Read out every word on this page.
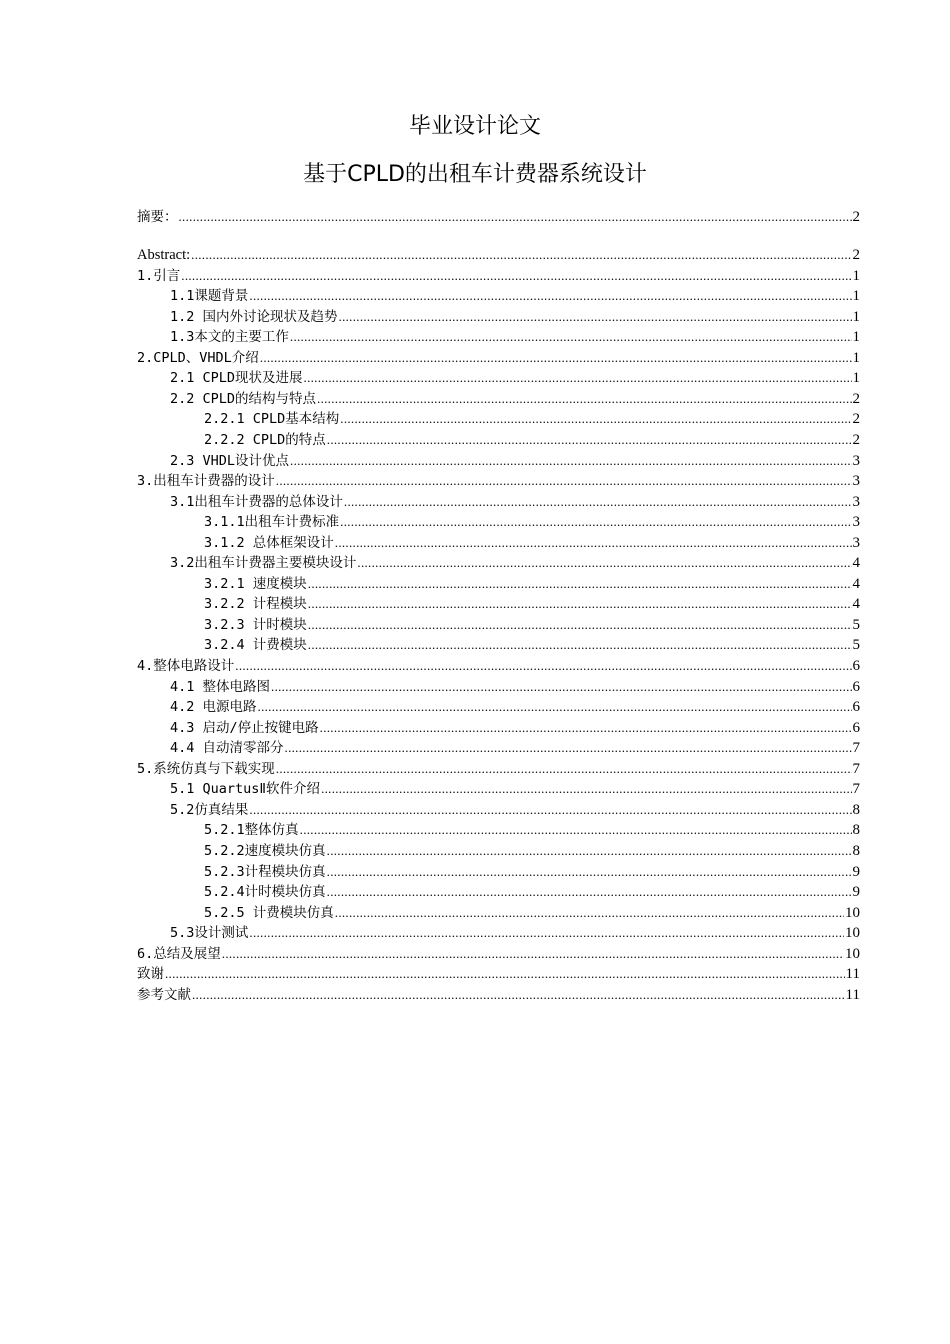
毕业设计论文
基于CPLD的出租车计费器系统设计
摘要： .....	2
Abstract: .....	2
1.引言 .....	1
1.1课题背景 .....	1
1.2 国内外讨论现状及趋势 .....	1
1.3本文的主要工作 .....	1
2.CPLD、VHDL介绍 .....	1
2.1 CPLD现状及进展 .....	1
2.2 CPLD的结构与特点 .....	2
2.2.1 CPLD基本结构 .....	2
2.2.2 CPLD的特点 .....	2
2.3 VHDL设计优点 .....	3
3.出租车计费器的设计 .....	3
3.1出租车计费器的总体设计 .....	3
3.1.1出租车计费标准 .....	3
3.1.2 总体框架设计 .....	3
3.2出租车计费器主要模块设计 .....	4
3.2.1 速度模块 .....	4
3.2.2 计程模块 .....	4
3.2.3 计时模块 .....	5
3.2.4 计费模块 .....	5
4.整体电路设计 .....	6
4.1 整体电路图 .....	6
4.2 电源电路 .....	6
4.3 启动/停止按键电路 .....	6
4.4 自动清零部分 .....	7
5.系统仿真与下载实现 .....	7
5.1 QuartusⅡ软件介绍 .....	7
5.2仿真结果 .....	8
5.2.1整体仿真 .....	8
5.2.2速度模块仿真 .....	8
5.2.3计程模块仿真 .....	9
5.2.4计时模块仿真 .....	9
5.2.5 计费模块仿真 .....	10
5.3设计测试 .....	10
6.总结及展望 .....	10
致谢 .....	11
参考文献 .....	11
